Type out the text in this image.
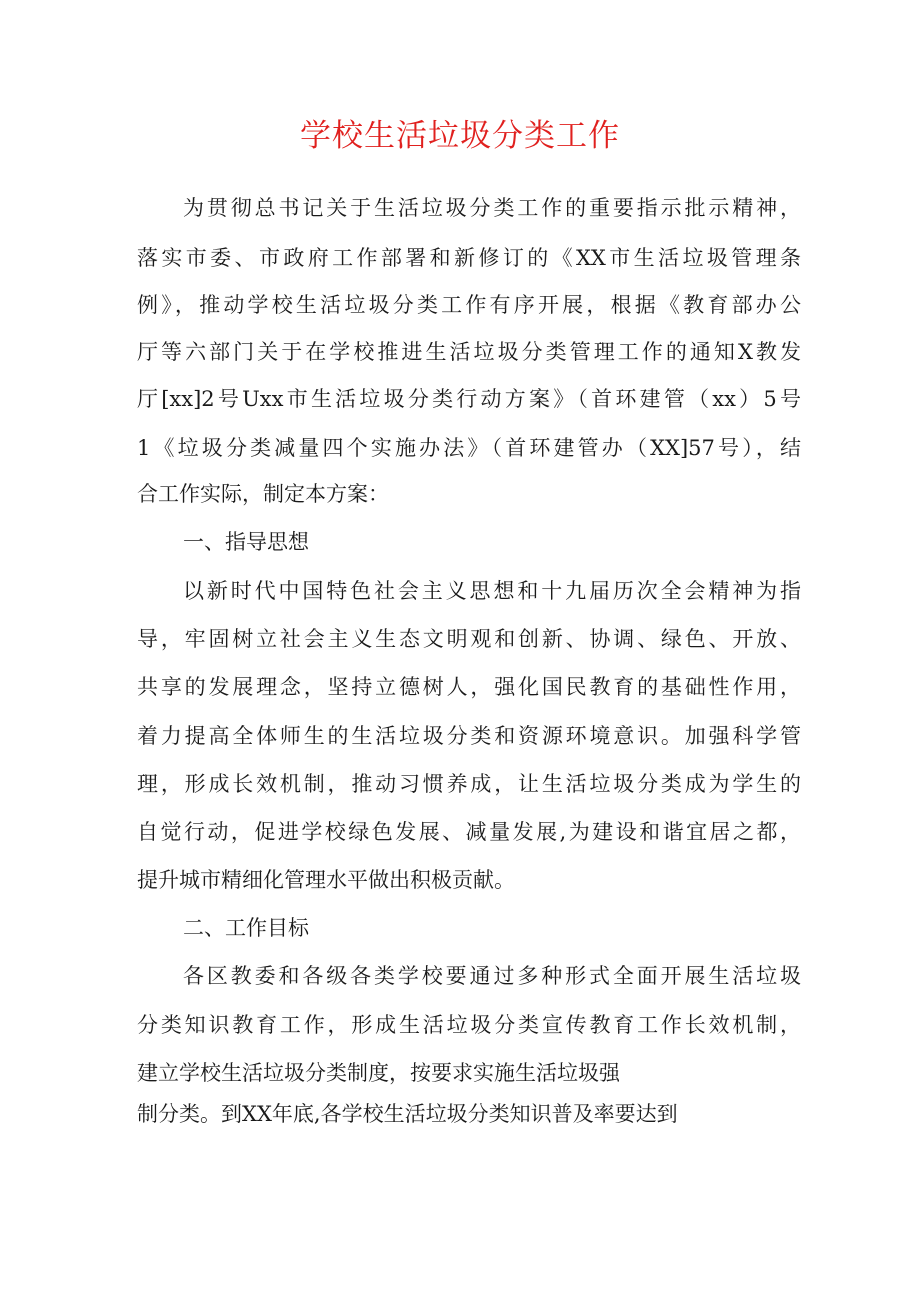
学校生活垃圾分类工作
为贯彻总书记关于生活垃圾分类工作的重要指示批示精神，
落实市委、市政府工作部署和新修订的《XX市生活垃圾管理条
例》，推动学校生活垃圾分类工作有序开展，根据《教育部办公
厅等六部门关于在学校推进生活垃圾分类管理工作的通知X教发
厅[xx]2号Uxx市生活垃圾分类行动方案》（首环建管（xx）5号
1《垃圾分类减量四个实施办法》（首环建管办（XX]57号），结
合工作实际，制定本方案：
一、指导思想
以新时代中国特色社会主义思想和十九届历次全会精神为指
导，牢固树立社会主义生态文明观和创新、协调、绿色、开放、
共享的发展理念，坚持立德树人，强化国民教育的基础性作用，
着力提高全体师生的生活垃圾分类和资源环境意识。加强科学管
理，形成长效机制，推动习惯养成，让生活垃圾分类成为学生的
自觉行动，促进学校绿色发展、减量发展,为建设和谐宜居之都，
提升城市精细化管理水平做出积极贡献。
二、工作目标
各区教委和各级各类学校要通过多种形式全面开展生活垃圾
分类知识教育工作，形成生活垃圾分类宣传教育工作长效机制，
建立学校生活垃圾分类制度，按要求实施生活垃圾强
制分类。到XX年底,各学校生活垃圾分类知识普及率要达到
